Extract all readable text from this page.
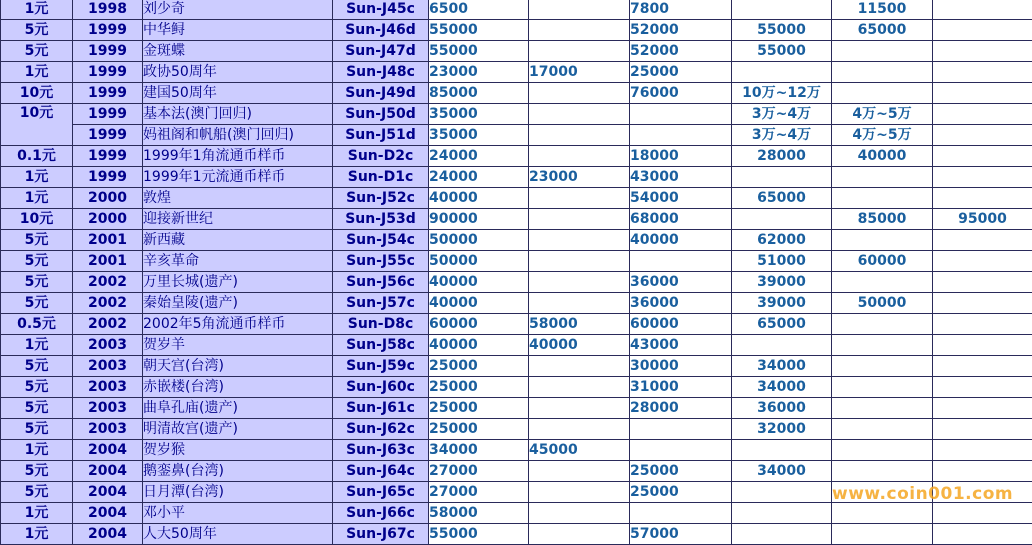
1元	1998	刘少奇	Sun-J45c	6500		7800		11500	
5元	1999	中华鲟	Sun-J46d	55000		52000	55000	65000	
5元	1999	金斑蝶	Sun-J47d	55000		52000	55000		
1元	1999	政协50周年	Sun-J48c	23000	17000	25000			
10元	1999	建国50周年	Sun-J49d	85000		76000	10万~12万		
10元	1999	基本法(澳门回归)	Sun-J50d	35000			3万~4万	4万~5万	
	1999	妈祖阁和帆船(澳门回归)	Sun-J51d	35000			3万~4万	4万~5万	
0.1元	1999	1999年1角流通币样币	Sun-D2c	24000		18000	28000	40000	
1元	1999	1999年1元流通币样币	Sun-D1c	24000	23000	43000			
1元	2000	敦煌	Sun-J52c	40000		54000	65000		
10元	2000	迎接新世纪	Sun-J53d	90000		68000		85000	95000
5元	2001	新西藏	Sun-J54c	50000		40000	62000		
5元	2001	辛亥革命	Sun-J55c	50000			51000	60000	
5元	2002	万里长城(遗产)	Sun-J56c	40000		36000	39000		
5元	2002	秦始皇陵(遗产)	Sun-J57c	40000		36000	39000	50000	
0.5元	2002	2002年5角流通币样币	Sun-D8c	60000	58000	60000	65000		
1元	2003	贺岁羊	Sun-J58c	40000	40000	43000			
5元	2003	朝天宫(台湾)	Sun-J59c	25000		30000	34000		
5元	2003	赤嵌楼(台湾)	Sun-J60c	25000		31000	34000		
5元	2003	曲阜孔庙(遗产)	Sun-J61c	25000		28000	36000		
5元	2003	明清故宫(遗产)	Sun-J62c	25000			32000		
1元	2004	贺岁猴	Sun-J63c	34000	45000				
5元	2004	鹅銮鼻(台湾)	Sun-J64c	27000		25000	34000		
5元	2004	日月潭(台湾)	Sun-J65c	27000		25000			
1元	2004	邓小平	Sun-J66c	58000					
1元	2004	人大50周年	Sun-J67c	55000		57000			
www.coin001.com
